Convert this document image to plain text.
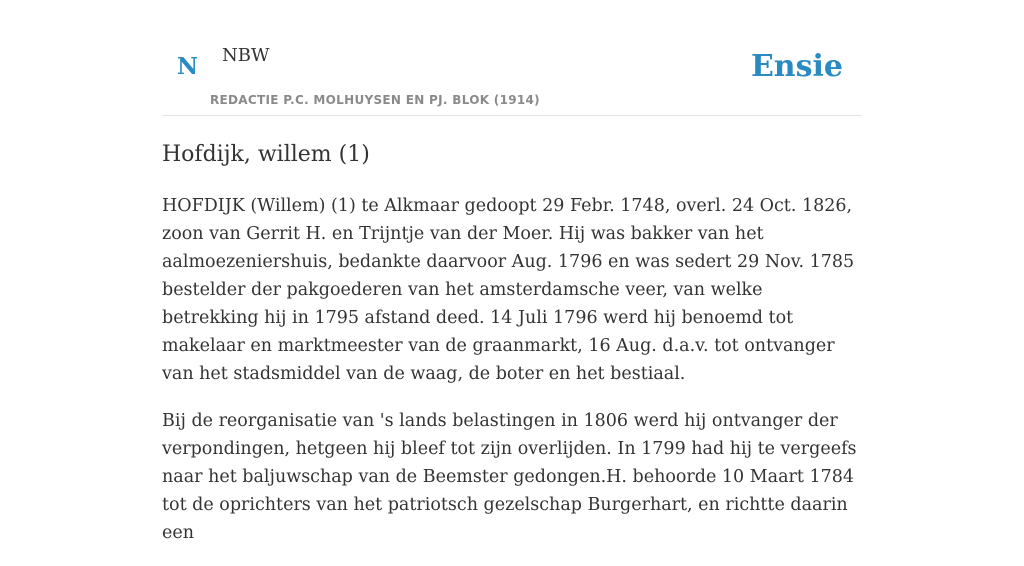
N NBW
REDACTIE P.C. MOLHUYSEN EN PJ. BLOK (1914)
Ensie
Hofdijk, willem (1)

HOFDIJK (Willem) (1) te Alkmaar gedoopt 29 Febr. 1748, overl. 24 Oct. 1826, zoon van Gerrit H. en Trijntje van der Moer. Hij was bakker van het aalmoezeniershuis, bedankte daarvoor Aug. 1796 en was sedert 29 Nov. 1785 bestelder der pakgoederen van het amsterdamsche veer, van welke betrekking hij in 1795 afstand deed. 14 Juli 1796 werd hij benoemd tot makelaar en marktmeester van de graanmarkt, 16 Aug. d.a.v. tot ontvanger van het stadsmiddel van de waag, de boter en het bestiaal.

Bij de reorganisatie van 's lands belastingen in 1806 werd hij ontvanger der verpondingen, hetgeen hij bleef tot zijn overlijden. In 1799 had hij te vergeefs naar het baljuwschap van de Beemster gedongen.H. behoorde 10 Maart 1784 tot de oprichters van het patriotsch gezelschap Burgerhart, en richtte daarin een
